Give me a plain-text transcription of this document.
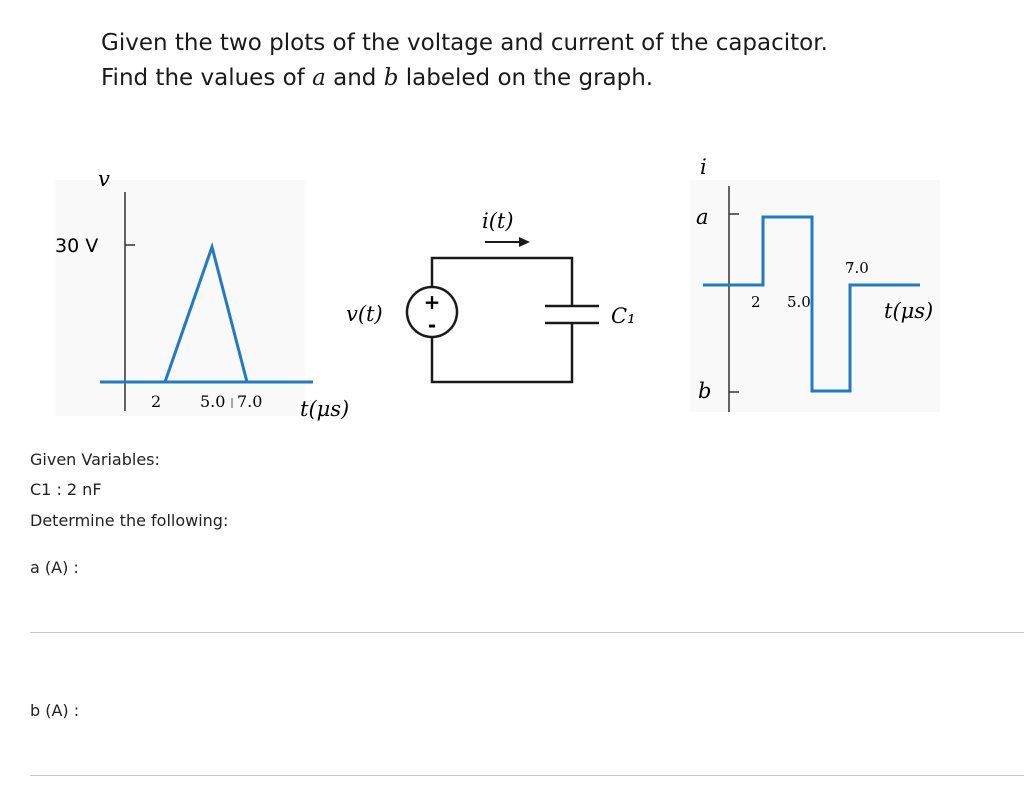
Given the two plots of the voltage and current of the capacitor.
Find the values of a and b labeled on the graph.
v
30 V
2 5.0 7.0 t(μs)
+
-
v(t)	C₁
i(t)
i
a
b
2 5.0
7.0
t(μs)
Given Variables:
C1 : 2 nF
Determine the following:
a (A) :
b (A) :
